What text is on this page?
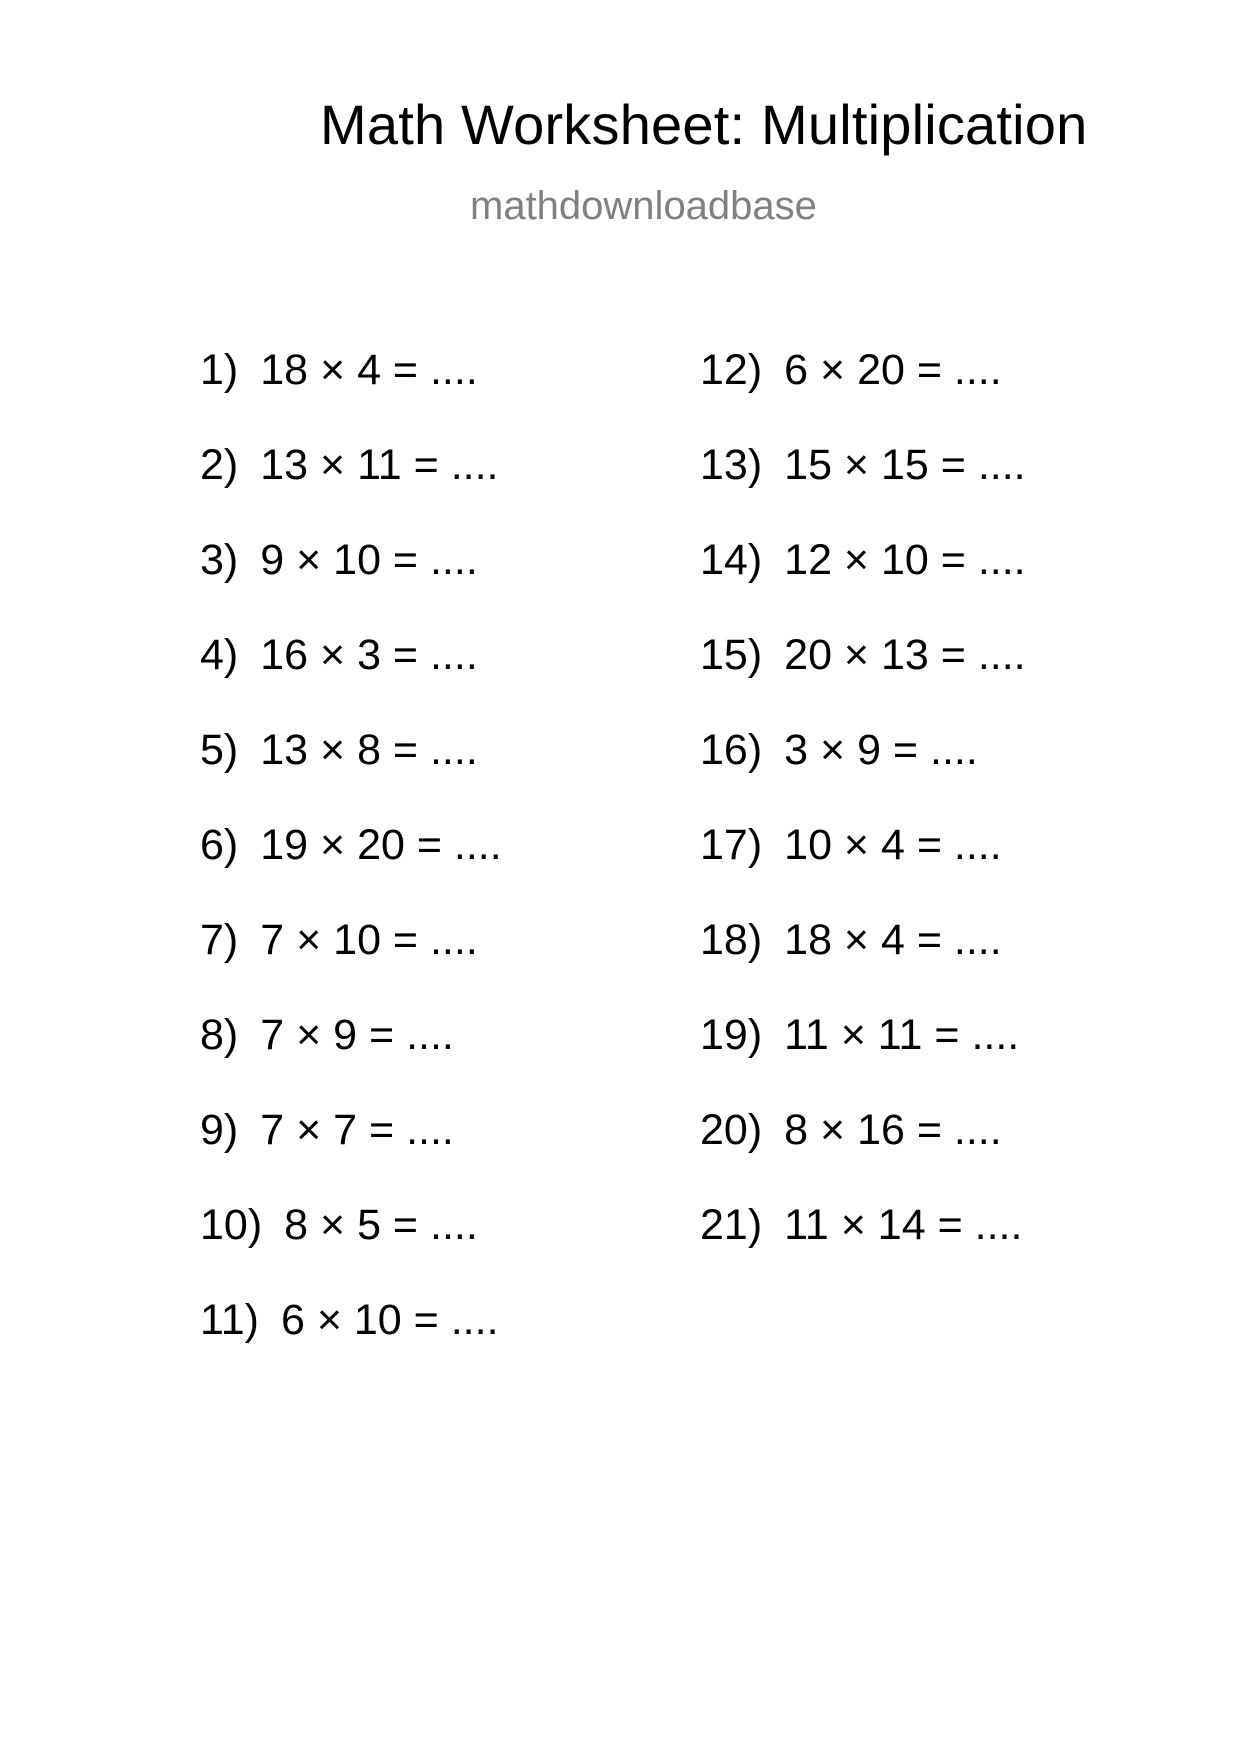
Math Worksheet: Multiplication
mathdownloadbase
1) 18 × 4 = ....
2) 13 × 11 = ....
3) 9 × 10 = ....
4) 16 × 3 = ....
5) 13 × 8 = ....
6) 19 × 20 = ....
7) 7 × 10 = ....
8) 7 × 9 = ....
9) 7 × 7 = ....
10) 8 × 5 = ....
11) 6 × 10 = ....
12) 6 × 20 = ....
13) 15 × 15 = ....
14) 12 × 10 = ....
15) 20 × 13 = ....
16) 3 × 9 = ....
17) 10 × 4 = ....
18) 18 × 4 = ....
19) 11 × 11 = ....
20) 8 × 16 = ....
21) 11 × 14 = ....
